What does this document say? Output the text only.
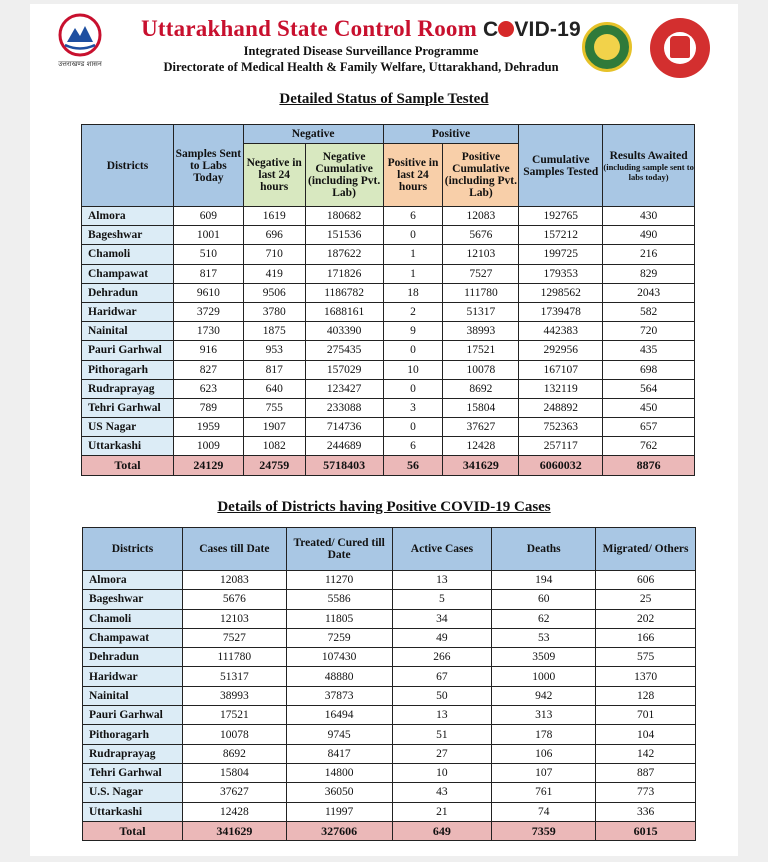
उत्तराखण्ड शासन
Uttarakhand State Control Room C VID-19
Integrated Disease Surveillance Programme
Directorate of Medical Health & Family Welfare, Uttarakhand, Dehradun
Detailed Status of Sample Tested
Districts	Samples Sent to Labs Today	Negative		Positive		Cumulative Samples Tested	Results Awaited
(including sample sent to labs today)

		Negative in last 24 hours	Negative Cumulative (including Pvt. Lab)	Positive in last 24 hours	Positive Cumulative (including Pvt. Lab)		
Almora	609	1619	180682	6	12083	192765	430
Bageshwar	1001	696	151536	0	5676	157212	490
Chamoli	510	710	187622	1	12103	199725	216
Champawat	817	419	171826	1	7527	179353	829
Dehradun	9610	9506	1186782	18	111780	1298562	2043
Haridwar	3729	3780	1688161	2	51317	1739478	582
Nainital	1730	1875	403390	9	38993	442383	720
Pauri Garhwal	916	953	275435	0	17521	292956	435
Pithoragarh	827	817	157029	10	10078	167107	698
Rudraprayag	623	640	123427	0	8692	132119	564
Tehri Garhwal	789	755	233088	3	15804	248892	450
US Nagar	1959	1907	714736	0	37627	752363	657
Uttarkashi	1009	1082	244689	6	12428	257117	762
Total	24129	24759	5718403	56	341629	6060032	8876
Details of Districts having Positive COVID-19 Cases
Districts	Cases till Date	Treated/ Cured till Date	Active Cases	Deaths	Migrated/ Others
Almora	12083	11270	13	194	606
Bageshwar	5676	5586	5	60	25
Chamoli	12103	11805	34	62	202
Champawat	7527	7259	49	53	166
Dehradun	111780	107430	266	3509	575
Haridwar	51317	48880	67	1000	1370
Nainital	38993	37873	50	942	128
Pauri Garhwal	17521	16494	13	313	701
Pithoragarh	10078	9745	51	178	104
Rudraprayag	8692	8417	27	106	142
Tehri Garhwal	15804	14800	10	107	887
U.S. Nagar	37627	36050	43	761	773
Uttarkashi	12428	11997	21	74	336
Total	341629	327606	649	7359	6015
